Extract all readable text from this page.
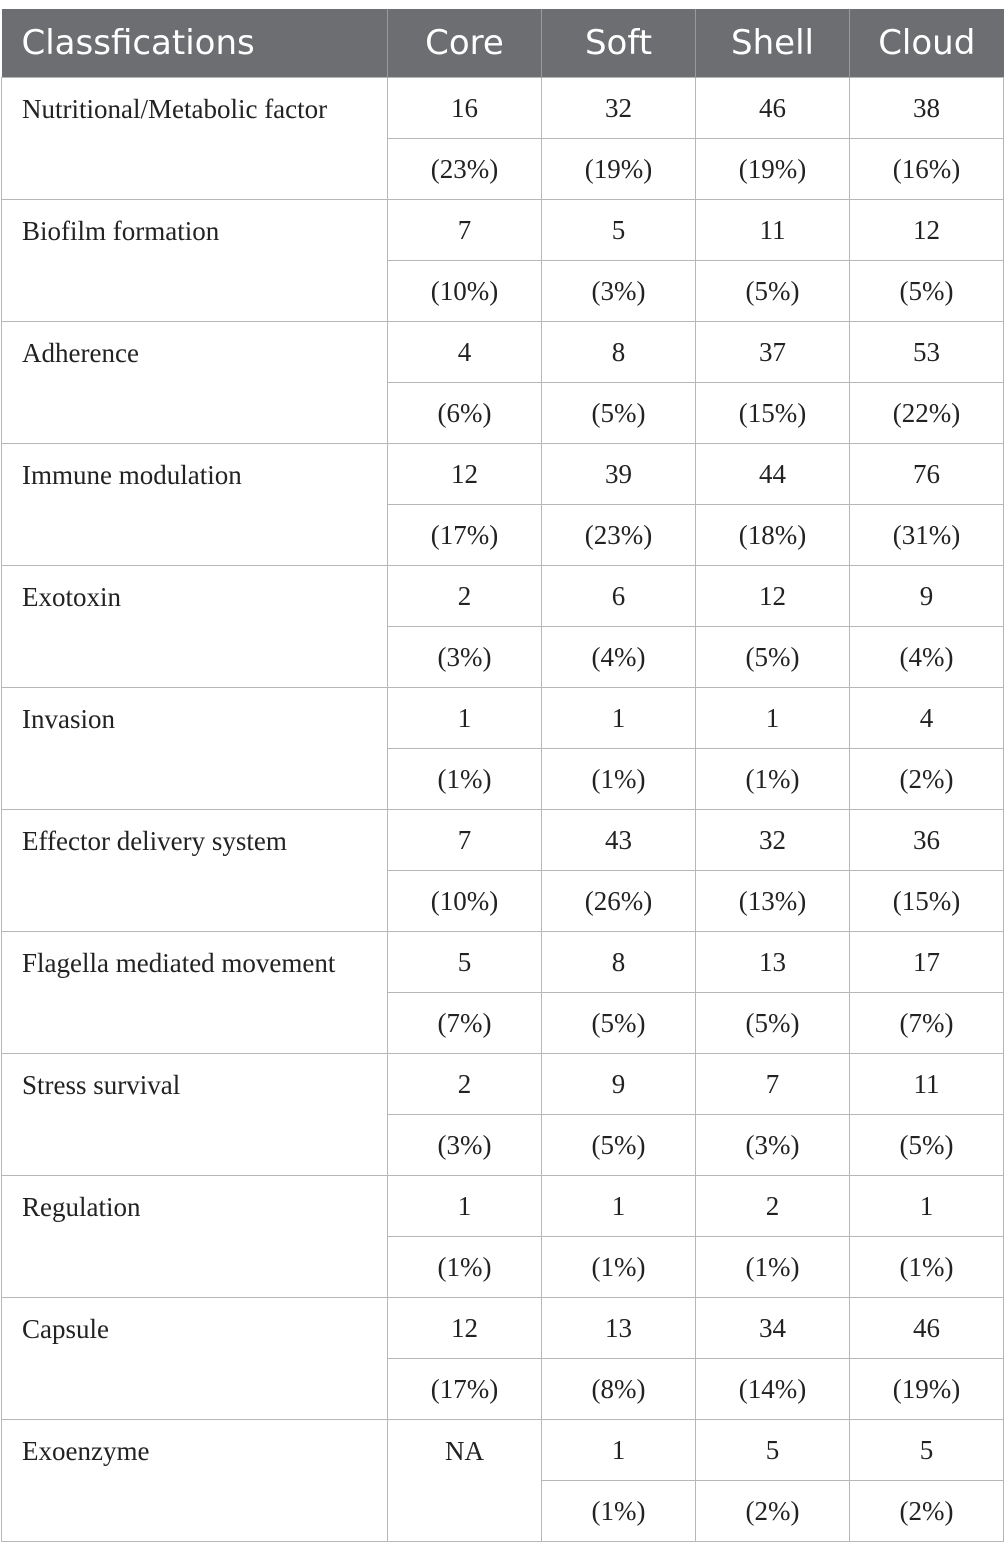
Classfications	Core	Soft	Shell	Cloud
Nutritional/Metabolic factor	16	32	46	38
	(23%)	(19%)	(19%)	(16%)
Biofilm formation	7	5	11	12
	(10%)	(3%)	(5%)	(5%)
Adherence	4	8	37	53
	(6%)	(5%)	(15%)	(22%)
Immune modulation	12	39	44	76
	(17%)	(23%)	(18%)	(31%)
Exotoxin	2	6	12	9
	(3%)	(4%)	(5%)	(4%)
Invasion	1	1	1	4
	(1%)	(1%)	(1%)	(2%)
Effector delivery system	7	43	32	36
	(10%)	(26%)	(13%)	(15%)
Flagella mediated movement	5	8	13	17
	(7%)	(5%)	(5%)	(7%)
Stress survival	2	9	7	11
	(3%)	(5%)	(3%)	(5%)
Regulation	1	1	2	1
	(1%)	(1%)	(1%)	(1%)
Capsule	12	13	34	46
	(17%)	(8%)	(14%)	(19%)
Exoenzyme	NA	1	5	5
		(1%)	(2%)	(2%)
